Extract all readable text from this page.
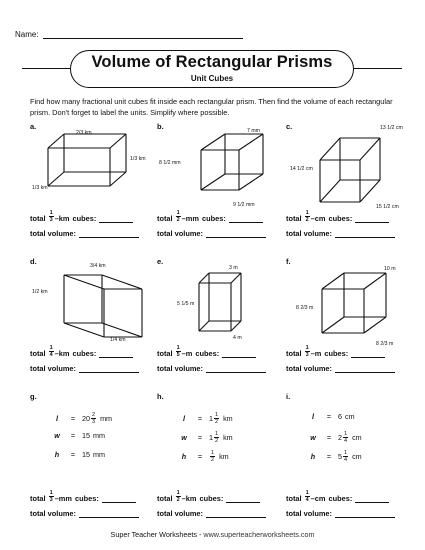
Name:
Volume of Rectangular Prisms
Unit Cubes
Find how many fractional unit cubes fit inside each rectangular prism. Then find the volume of each rectangular prism. Don't forget to label the units. Simplify where possible.
a.
2/3 km
1/3 km
1/3 km
total $\frac{1}{3}$ – km cubes:
total volume:
b.	7 mm
8 1/2 mm
9 1/2 mm
total $\frac{1}{2}$ – mm cubes:
total volume:
c.	13 1/2 cm
14 1/2 cm
15 1/2 cm
total $\frac{1}{2}$ – cm cubes:
total volume:
d.	3/4 km
1/2 km
1/4 km
total $\frac{1}{4}$ – km cubes:
total volume:
e.
3 m
5 1/5 m
4 m
total $\frac{1}{5}$ – m cubes:
total volume:
f.
10 m
8 2/3 m
8 2/3 m
total $\frac{1}{3}$ – m cubes:
total volume:
g.
l	= $20 \frac{2}{3}$ mm
w	= 15 mm
h	= 15 mm
total $\frac{1}{3}$ – mm cubes:
total volume:
h.
l	= $1 \frac{1}{2}$ km
w	= $1 \frac{1}{2}$ km
h	=	$\frac{1}{2}$ km
total $\frac{1}{2}$ – km cubes:
total volume:
i.
l	= 6 cm
w	= $2 \frac{1}{4}$ cm
h	= $5 \frac{1}{4}$ cm
total $\frac{1}{4}$ – cm cubes:
total volume:
Super Teacher Worksheets - www.superteacherworksheets.com
